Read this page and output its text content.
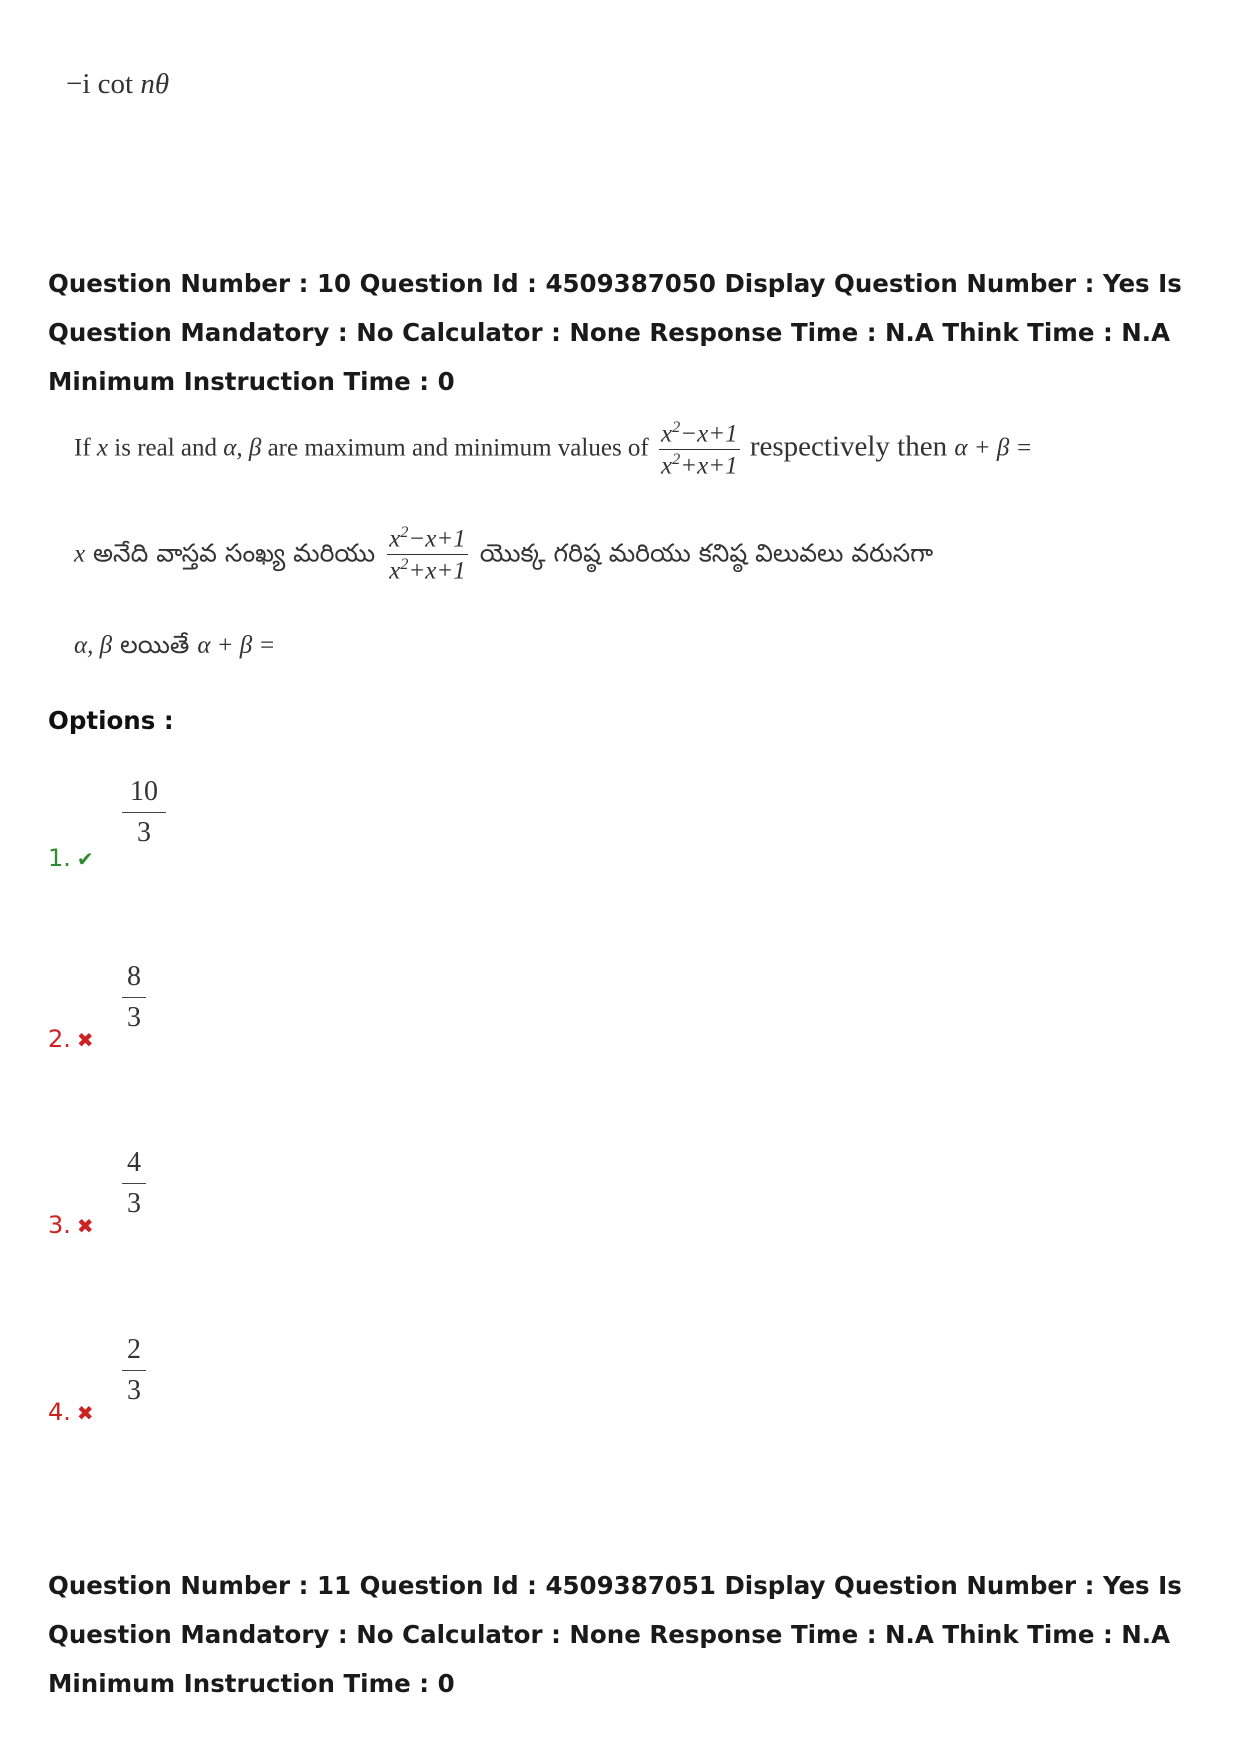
−i cot nθ
Question Number : 10 Question Id : 4509387050 Display Question Number : Yes Is Question Mandatory : No Calculator : None Response Time : N.A Think Time : N.A Minimum Instruction Time : 0
If x is real and α, β are maximum and minimum values of $\frac{x^2-x+1}{x^2+x+1}$ respectively then α + β =
x అనేది వాస్తవ సంఖ్య మరియు $\frac{x^2-x+1}{x^2+x+1}$ యొక్క గరిష్ఠ మరియు కనిష్ఠ విలువలు వరుసగా
α, β లయితే α + β =
Options :
10
3
1. ✔
8
3
2. ✖
4
3
3. ✖
2
3
4. ✖
Question Number : 11 Question Id : 4509387051 Display Question Number : Yes Is Question Mandatory : No Calculator : None Response Time : N.A Think Time : N.A Minimum Instruction Time : 0
